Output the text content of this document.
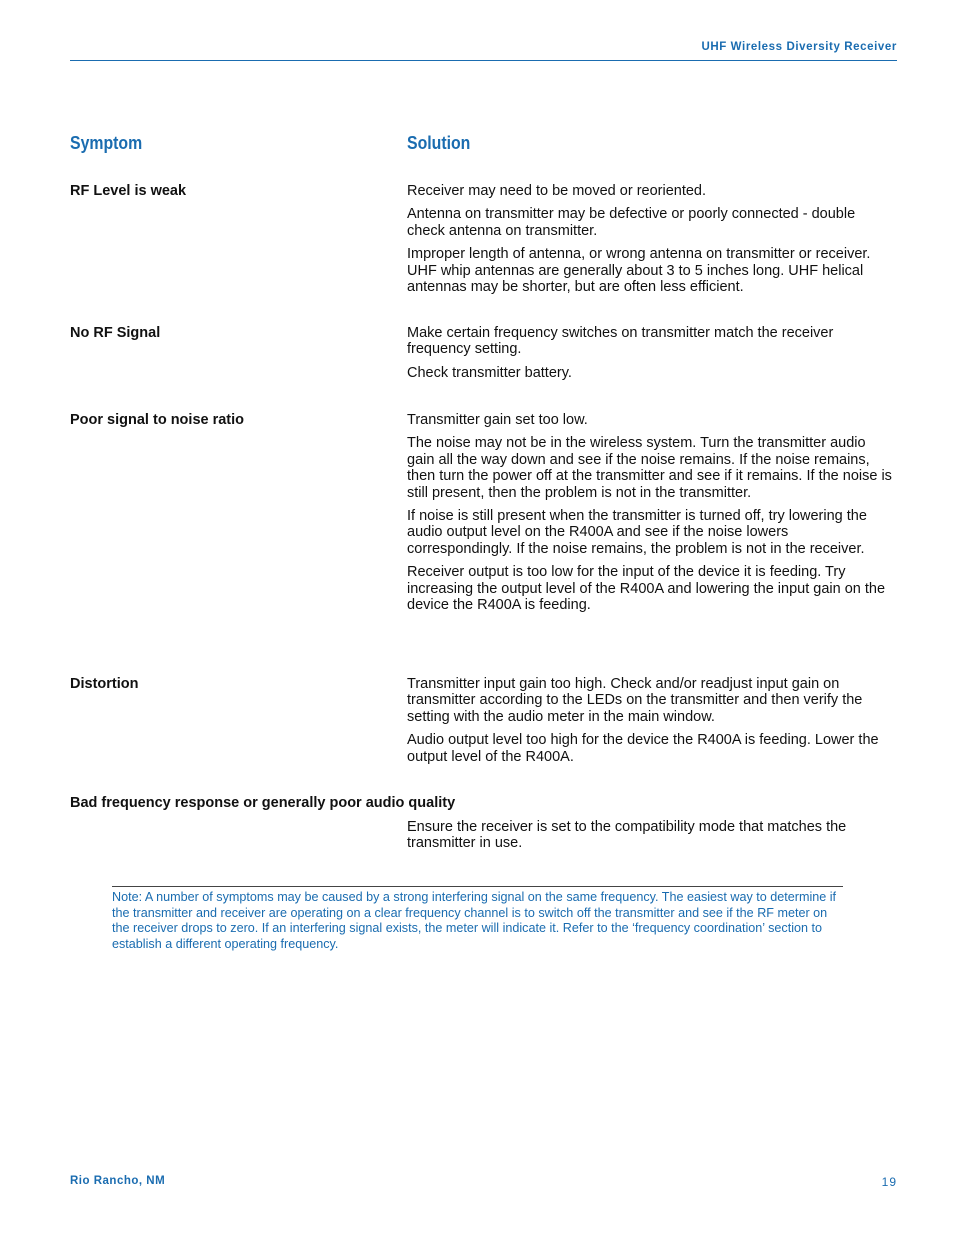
UHF Wireless Diversity Receiver
Symptom	Solution
RF Level is weak	Receiver may need to be moved or reoriented.

Antenna on transmitter may be defective or poorly connected - double check antenna on transmitter.

Improper length of antenna, or wrong antenna on transmitter or receiver. UHF whip antennas are generally about 3 to 5 inches long. UHF helical antennas may be shorter, but are often less efficient.

No RF Signal	Make certain frequency switches on transmitter match the receiver frequency setting.

Check transmitter battery.

Poor signal to noise ratio	Transmitter gain set too low.

The noise may not be in the wireless system. Turn the transmitter audio gain all the way down and see if the noise remains. If the noise remains, then turn the power off at the transmitter and see if it remains. If the noise is still present, then the problem is not in the transmitter.

If noise is still present when the transmitter is turned off, try lowering the audio output level on the R400A and see if the noise lowers correspondingly. If the noise remains, the problem is not in the receiver.

Receiver output is too low for the input of the device it is feeding. Try increasing the output level of the R400A and lowering the input gain on the device the R400A is feeding.

Distortion	Transmitter input gain too high. Check and/or readjust input gain on transmitter according to the LEDs on the transmitter and then verify the setting with the audio meter in the main window.

Audio output level too high for the device the R400A is feeding. Lower the output level of the R400A.

Bad frequency response or generally poor audio quality

Ensure the receiver is set to the compatibility mode that matches the transmitter in use.

Note: A number of symptoms may be caused by a strong interfering signal on the same frequency. The easiest way to determine if the transmitter and receiver are operating on a clear frequency channel is to switch off the transmitter and see if the RF meter on the receiver drops to zero. If an interfering signal exists, the meter will indicate it. Refer to the ‘frequency coordination’ section to establish a different operating frequency.

Rio Rancho, NM	19
